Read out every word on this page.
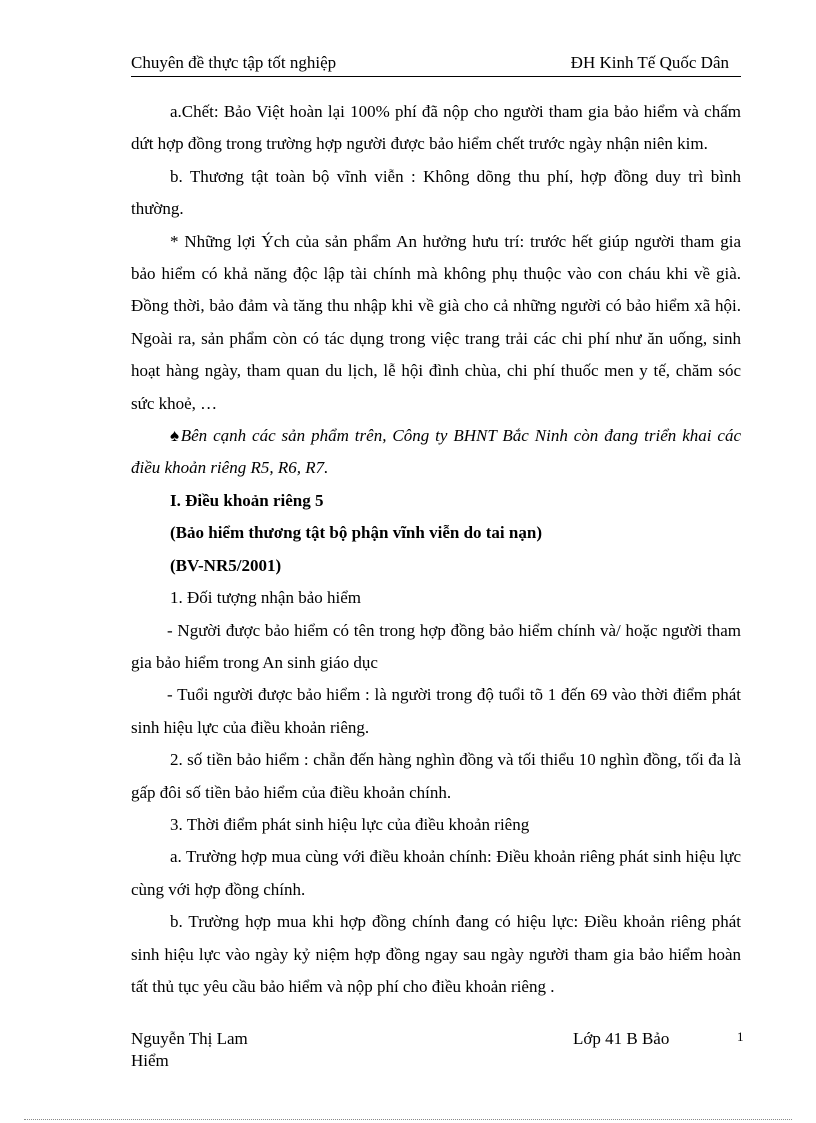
Chuyên đề thực tập tốt nghiệp	ĐH Kinh Tế Quốc Dân

a.Chết: Bảo Việt hoàn lại 100% phí đã nộp cho người tham gia bảo hiểm và chấm dứt hợp đồng trong trường hợp người được bảo hiểm chết trước ngày nhận niên kim.

b. Thương tật toàn bộ vĩnh viễn : Không dõng thu phí, hợp đồng duy trì bình thường.

* Những lợi Ých của sản phẩm An hưởng hưu trí: trước hết giúp người tham gia bảo hiểm có khả năng độc lập tài chính mà không phụ thuộc vào con cháu khi về già. Đồng thời, bảo đảm và tăng thu nhập khi về già cho cả những người có bảo hiểm xã hội. Ngoài ra, sản phẩm còn có tác dụng trong việc trang trải các chi phí như ăn uống, sinh hoạt hàng ngày, tham quan du lịch, lễ hội đình chùa, chi phí thuốc men y tế, chăm sóc sức khoẻ, …

♠Bên cạnh các sản phẩm trên, Công ty BHNT Bắc Ninh còn đang triển khai các điều khoản riêng R5, R6, R7.

I. Điều khoản riêng 5

(Bảo hiểm thương tật bộ phận vĩnh viễn do tai nạn)

(BV-NR5/2001)

1. Đối tượng nhận bảo hiểm

- Người được bảo hiểm có tên trong hợp đồng bảo hiểm chính và/ hoặc người tham gia bảo hiểm trong An sinh giáo dục

- Tuổi người được bảo hiểm : là người trong độ tuổi tõ 1 đến 69 vào thời điểm phát sinh hiệu lực của điều khoản riêng.

2. số tiền bảo hiểm : chẵn đến hàng nghìn đồng và tối thiểu 10 nghìn đồng, tối đa là gấp đôi số tiền bảo hiểm của điều khoản chính.

3. Thời điểm phát sinh hiệu lực của điều khoản riêng

a. Trường hợp mua cùng với điều khoản chính: Điều khoản riêng phát sinh hiệu lực cùng với hợp đồng chính.

b. Trường hợp mua khi hợp đồng chính đang có hiệu lực: Điều khoản riêng phát sinh hiệu lực vào ngày kỷ niệm hợp đồng ngay sau ngày người tham gia bảo hiểm hoàn tất thủ tục yêu cầu bảo hiểm và nộp phí cho điều khoản riêng .

Nguyễn Thị Lam	Lớp 41 B Bảo
Hiểm
1
